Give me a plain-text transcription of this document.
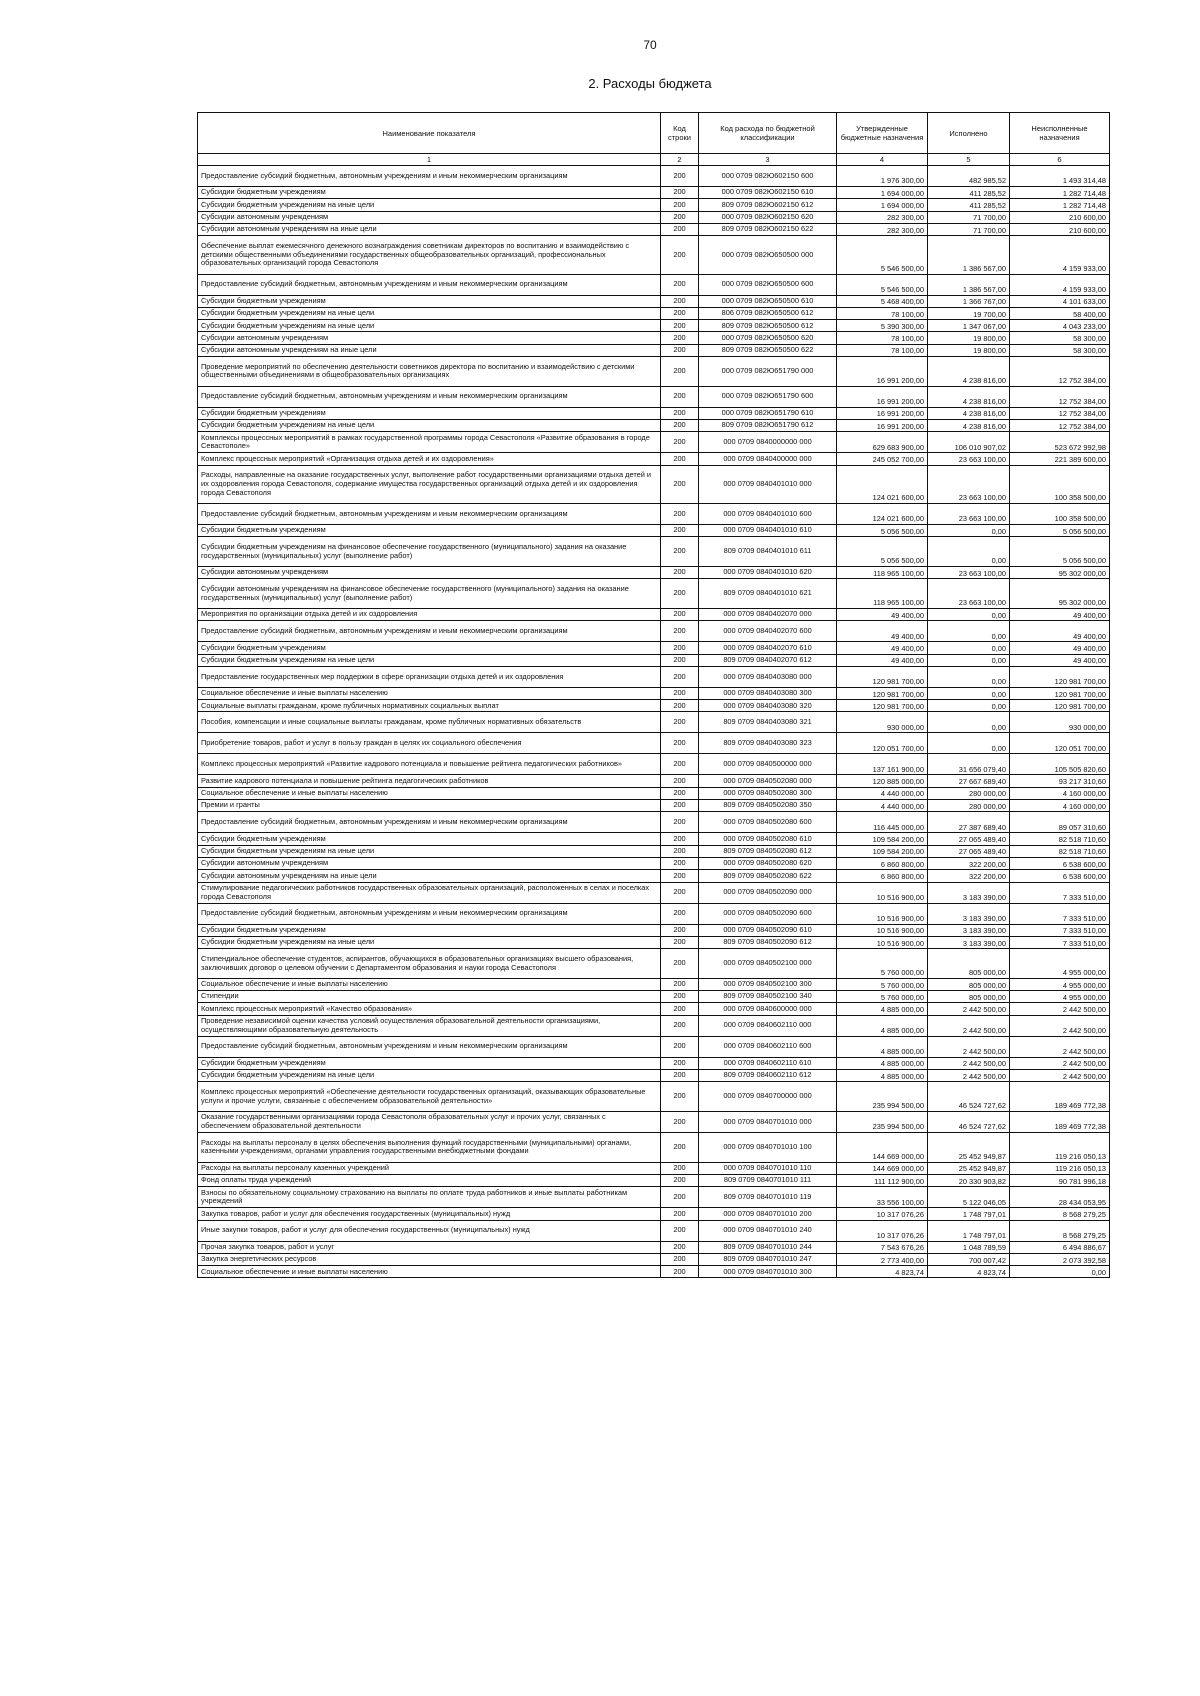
70
2. Расходы бюджета
Наименование показателя	Код строки	Код расхода по бюджетной классификации	Утвержденные бюджетные назначения	Исполнено	Неисполненные назначения
1	2	3	4	5	6
Предоставление субсидий бюджетным, автономным учреждениям и иным некоммерческим организациям	200	000 0709 082Ю602150 600	1 976 300,00	482 985,52	1 493 314,48
Субсидии бюджетным учреждениям	200	000 0709 082Ю602150 610	1 694 000,00	411 285,52	1 282 714,48
Субсидии бюджетным учреждениям на иные цели	200	809 0709 082Ю602150 612	1 694 000,00	411 285,52	1 282 714,48
Субсидии автономным учреждениям	200	000 0709 082Ю602150 620	282 300,00	71 700,00	210 600,00
Субсидии автономным учреждениям на иные цели	200	809 0709 082Ю602150 622	282 300,00	71 700,00	210 600,00
Обеспечение выплат ежемесячного денежного вознаграждения советникам директоров по воспитанию и взаимодействию с детскими общественными объединениями государственных общеобразовательных организаций, профессиональных образовательных организаций города Севастополя	200	000 0709 082Ю650500 000	5 546 500,00	1 386 567,00	4 159 933,00
Предоставление субсидий бюджетным, автономным учреждениям и иным некоммерческим организациям	200	000 0709 082Ю650500 600	5 546 500,00	1 386 567,00	4 159 933,00
Субсидии бюджетным учреждениям	200	000 0709 082Ю650500 610	5 468 400,00	1 366 767,00	4 101 633,00
Субсидии бюджетным учреждениям на иные цели	200	806 0709 082Ю650500 612	78 100,00	19 700,00	58 400,00
Субсидии бюджетным учреждениям на иные цели	200	809 0709 082Ю650500 612	5 390 300,00	1 347 067,00	4 043 233,00
Субсидии автономным учреждениям	200	000 0709 082Ю650500 620	78 100,00	19 800,00	58 300,00
Субсидии автономным учреждениям на иные цели	200	809 0709 082Ю650500 622	78 100,00	19 800,00	58 300,00
Проведение мероприятий по обеспечению деятельности советников директора по воспитанию и взаимодействию с детскими общественными объединениями в общеобразовательных организациях	200	000 0709 082Ю651790 000	16 991 200,00	4 238 816,00	12 752 384,00
Предоставление субсидий бюджетным, автономным учреждениям и иным некоммерческим организациям	200	000 0709 082Ю651790 600	16 991 200,00	4 238 816,00	12 752 384,00
Субсидии бюджетным учреждениям	200	000 0709 082Ю651790 610	16 991 200,00	4 238 816,00	12 752 384,00
Субсидии бюджетным учреждениям на иные цели	200	809 0709 082Ю651790 612	16 991 200,00	4 238 816,00	12 752 384,00
Комплексы процессных мероприятий в рамках государственной программы города Севастополя «Развитие образования в городе Севастополе»	200	000 0709 0840000000 000	629 683 900,00	106 010 907,02	523 672 992,98
Комплекс процессных мероприятий «Организация отдыха детей и их оздоровления»	200	000 0709 0840400000 000	245 052 700,00	23 663 100,00	221 389 600,00
Расходы, направленные на оказание государственных услуг, выполнение работ государственными организациями отдыха детей и их оздоровления города Севастополя, содержание имущества государственных организаций отдыха детей и их оздоровления города Севастополя	200	000 0709 0840401010 000	124 021 600,00	23 663 100,00	100 358 500,00
Предоставление субсидий бюджетным, автономным учреждениям и иным некоммерческим организациям	200	000 0709 0840401010 600	124 021 600,00	23 663 100,00	100 358 500,00
Субсидии бюджетным учреждениям	200	000 0709 0840401010 610	5 056 500,00	0,00	5 056 500,00
Субсидии бюджетным учреждениям на финансовое обеспечение государственного (муниципального) задания на оказание государственных (муниципальных) услуг (выполнение работ)	200	809 0709 0840401010 611	5 056 500,00	0,00	5 056 500,00
Субсидии автономным учреждениям	200	000 0709 0840401010 620	118 965 100,00	23 663 100,00	95 302 000,00
Субсидии автономным учреждениям на финансовое обеспечение государственного (муниципального) задания на оказание государственных (муниципальных) услуг (выполнение работ)	200	809 0709 0840401010 621	118 965 100,00	23 663 100,00	95 302 000,00
Мероприятия по организации отдыха детей и их оздоровления	200	000 0709 0840402070 000	49 400,00	0,00	49 400,00
Предоставление субсидий бюджетным, автономным учреждениям и иным некоммерческим организациям	200	000 0709 0840402070 600	49 400,00	0,00	49 400,00
Субсидии бюджетным учреждениям	200	000 0709 0840402070 610	49 400,00	0,00	49 400,00
Субсидии бюджетным учреждениям на иные цели	200	809 0709 0840402070 612	49 400,00	0,00	49 400,00
Предоставление государственных мер поддержки в сфере организации отдыха детей и их оздоровления	200	000 0709 0840403080 000	120 981 700,00	0,00	120 981 700,00
Социальное обеспечение и иные выплаты населению	200	000 0709 0840403080 300	120 981 700,00	0,00	120 981 700,00
Социальные выплаты гражданам, кроме публичных нормативных социальных выплат	200	000 0709 0840403080 320	120 981 700,00	0,00	120 981 700,00
Пособия, компенсации и иные социальные выплаты гражданам, кроме публичных нормативных обязательств	200	809 0709 0840403080 321	930 000,00	0,00	930 000,00
Приобретение товаров, работ и услуг в пользу граждан в целях их социального обеспечения	200	809 0709 0840403080 323	120 051 700,00	0,00	120 051 700,00
Комплекс процессных мероприятий «Развитие кадрового потенциала и повышение рейтинга педагогических работников»	200	000 0709 0840500000 000	137 161 900,00	31 656 079,40	105 505 820,60
Развитие кадрового потенциала и повышение рейтинга педагогических работников	200	000 0709 0840502080 000	120 885 000,00	27 667 689,40	93 217 310,60
Социальное обеспечение и иные выплаты населению	200	000 0709 0840502080 300	4 440 000,00	280 000,00	4 160 000,00
Премии и гранты	200	809 0709 0840502080 350	4 440 000,00	280 000,00	4 160 000,00
Предоставление субсидий бюджетным, автономным учреждениям и иным некоммерческим организациям	200	000 0709 0840502080 600	116 445 000,00	27 387 689,40	89 057 310,60
Субсидии бюджетным учреждениям	200	000 0709 0840502080 610	109 584 200,00	27 065 489,40	82 518 710,60
Субсидии бюджетным учреждениям на иные цели	200	809 0709 0840502080 612	109 584 200,00	27 065 489,40	82 518 710,60
Субсидии автономным учреждениям	200	000 0709 0840502080 620	6 860 800,00	322 200,00	6 538 600,00
Субсидии автономным учреждениям на иные цели	200	809 0709 0840502080 622	6 860 800,00	322 200,00	6 538 600,00
Стимулирование педагогических работников государственных образовательных организаций, расположенных в селах и поселках города Севастополя	200	000 0709 0840502090 000	10 516 900,00	3 183 390,00	7 333 510,00
Предоставление субсидий бюджетным, автономным учреждениям и иным некоммерческим организациям	200	000 0709 0840502090 600	10 516 900,00	3 183 390,00	7 333 510,00
Субсидии бюджетным учреждениям	200	000 0709 0840502090 610	10 516 900,00	3 183 390,00	7 333 510,00
Субсидии бюджетным учреждениям на иные цели	200	809 0709 0840502090 612	10 516 900,00	3 183 390,00	7 333 510,00
Стипендиальное обеспечение студентов, аспирантов, обучающихся в образовательных организациях высшего образования, заключивших договор о целевом обучении с Департаментом образования и науки города Севастополя	200	000 0709 0840502100 000	5 760 000,00	805 000,00	4 955 000,00
Социальное обеспечение и иные выплаты населению	200	000 0709 0840502100 300	5 760 000,00	805 000,00	4 955 000,00
Стипендии	200	809 0709 0840502100 340	5 760 000,00	805 000,00	4 955 000,00
Комплекс процессных мероприятий «Качество образования»	200	000 0709 0840600000 000	4 885 000,00	2 442 500,00	2 442 500,00
Проведение независимой оценки качества условий осуществления образовательной деятельности организациями, осуществляющими образовательную деятельность	200	000 0709 0840602110 000	4 885 000,00	2 442 500,00	2 442 500,00
Предоставление субсидий бюджетным, автономным учреждениям и иным некоммерческим организациям	200	000 0709 0840602110 600	4 885 000,00	2 442 500,00	2 442 500,00
Субсидии бюджетным учреждениям	200	000 0709 0840602110 610	4 885 000,00	2 442 500,00	2 442 500,00
Субсидии бюджетным учреждениям на иные цели	200	809 0709 0840602110 612	4 885 000,00	2 442 500,00	2 442 500,00
Комплекс процессных мероприятий «Обеспечение деятельности государственных организаций, оказывающих образовательные услуги и прочие услуги, связанные с обеспечением образовательной деятельности»	200	000 0709 0840700000 000	235 994 500,00	46 524 727,62	189 469 772,38
Оказание государственными организациями города Севастополя образовательных услуг и прочих услуг, связанных с обеспечением образовательной деятельности	200	000 0709 0840701010 000	235 994 500,00	46 524 727,62	189 469 772,38
Расходы на выплаты персоналу в целях обеспечения выполнения функций государственными (муниципальными) органами, казенными учреждениями, органами управления государственными внебюджетными фондами	200	000 0709 0840701010 100	144 669 000,00	25 452 949,87	119 216 050,13
Расходы на выплаты персоналу казенных учреждений	200	000 0709 0840701010 110	144 669 000,00	25 452 949,87	119 216 050,13
Фонд оплаты труда учреждений	200	809 0709 0840701010 111	111 112 900,00	20 330 903,82	90 781 996,18
Взносы по обязательному социальному страхованию на выплаты по оплате труда работников и иные выплаты работникам учреждений	200	809 0709 0840701010 119	33 556 100,00	5 122 046,05	28 434 053,95
Закупка товаров, работ и услуг для обеспечения государственных (муниципальных) нужд	200	000 0709 0840701010 200	10 317 076,26	1 748 797,01	8 568 279,25
Иные закупки товаров, работ и услуг для обеспечения государственных (муниципальных) нужд	200	000 0709 0840701010 240	10 317 076,26	1 748 797,01	8 568 279,25
Прочая закупка товаров, работ и услуг	200	809 0709 0840701010 244	7 543 676,26	1 048 789,59	6 494 886,67
Закупка энергетических ресурсов	200	809 0709 0840701010 247	2 773 400,00	700 007,42	2 073 392,58
Социальное обеспечение и иные выплаты населению	200	000 0709 0840701010 300	4 823,74	4 823,74	0,00
